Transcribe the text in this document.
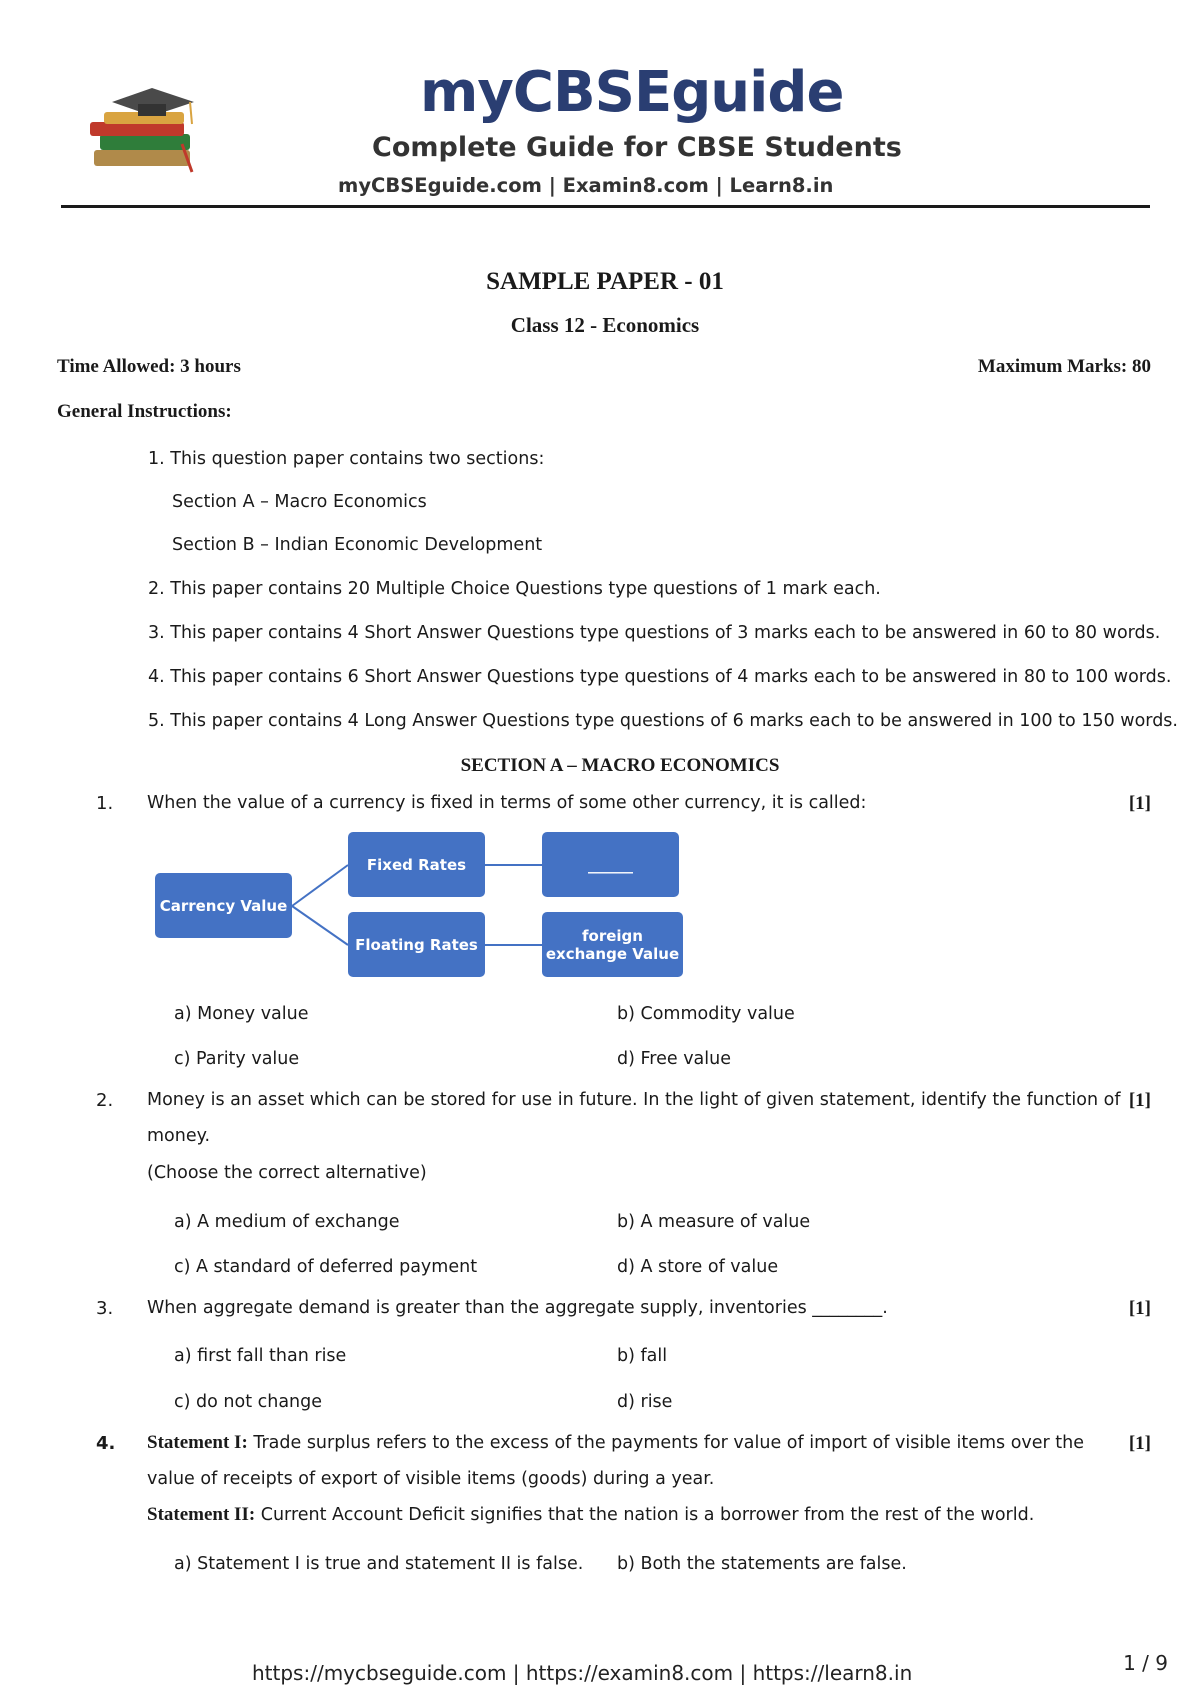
myCBSEguide
Complete Guide for CBSE Students
myCBSEguide.com | Examin8.com | Learn8.in
SAMPLE PAPER - 01
Class 12 - Economics
Time Allowed: 3 hours	Maximum Marks: 80
General Instructions:
1. This question paper contains two sections:
Section A – Macro Economics
Section B – Indian Economic Development
2. This paper contains 20 Multiple Choice Questions type questions of 1 mark each.
3. This paper contains 4 Short Answer Questions type questions of 3 marks each to be answered in 60 to 80 words.
4. This paper contains 6 Short Answer Questions type questions of 4 marks each to be answered in 80 to 100 words.
5. This paper contains 4 Long Answer Questions type questions of 6 marks each to be answered in 100 to 150 words.
SECTION A – MACRO ECONOMICS
1. When the value of a currency is fixed in terms of some other currency, it is called:	[1]
Carrency Value
Fixed Rates	______
Floating Rates	foreign exchange Value
a) Money value	b) Commodity value
c) Parity value	d) Free value
2. Money is an asset which can be stored for use in future. In the light of given statement, identify the function of
money.
(Choose the correct alternative)
[1]
a) A medium of exchange	b) A measure of value
c) A standard of deferred payment	d) A store of value
3. When aggregate demand is greater than the aggregate supply, inventories ________.	[1]
a) first fall than rise	b) fall
c) do not change	d) rise
4. Statement I: Trade surplus refers to the excess of the payments for value of import of visible items over the
value of receipts of export of visible items (goods) during a year.
Statement II: Current Account Deficit signifies that the nation is a borrower from the rest of the world.
[1]
a) Statement I is true and statement II is false. b) Both the statements are false.
https://mycbseguide.com | https://examin8.com | https://learn8.in	1 / 9
